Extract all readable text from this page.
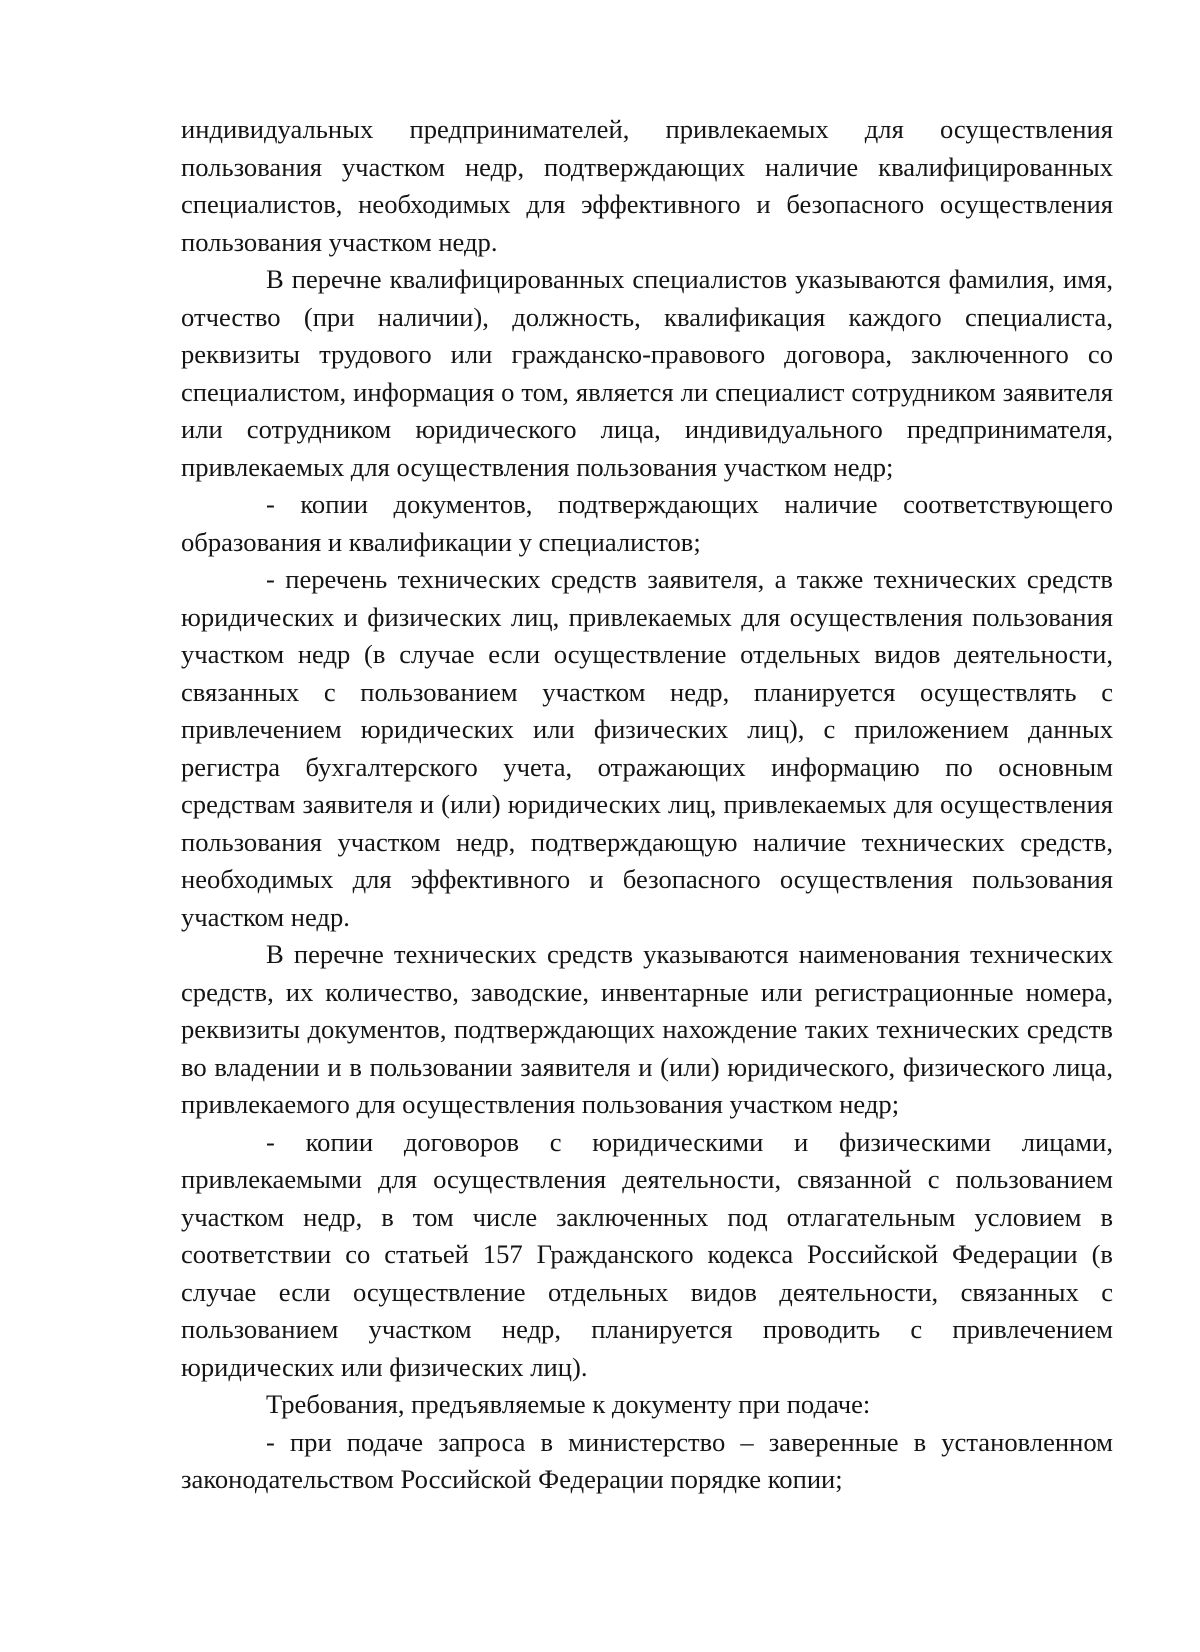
индивидуальных предпринимателей, привлекаемых для осуществления пользования участком недр, подтверждающих наличие квалифицированных специалистов, необходимых для эффективного и безопасного осуществления пользования участком недр.

В перечне квалифицированных специалистов указываются фамилия, имя, отчество (при наличии), должность, квалификация каждого специалиста, реквизиты трудового или гражданско-правового договора, заключенного со специалистом, информация о том, является ли специалист сотрудником заявителя или сотрудником юридического лица, индивидуального предпринимателя, привлекаемых для осуществления пользования участком недр;

- копии документов, подтверждающих наличие соответствующего образования и квалификации у специалистов;

- перечень технических средств заявителя, а также технических средств юридических и физических лиц, привлекаемых для осуществления пользования участком недр (в случае если осуществление отдельных видов деятельности, связанных с пользованием участком недр, планируется осуществлять с привлечением юридических или физических лиц), с приложением данных регистра бухгалтерского учета, отражающих информацию по основным средствам заявителя и (или) юридических лиц, привлекаемых для осуществления пользования участком недр, подтверждающую наличие технических средств, необходимых для эффективного и безопасного осуществления пользования участком недр.

В перечне технических средств указываются наименования технических средств, их количество, заводские, инвентарные или регистрационные номера, реквизиты документов, подтверждающих нахождение таких технических средств во владении и в пользовании заявителя и (или) юридического, физического лица, привлекаемого для осуществления пользования участком недр;

- копии договоров с юридическими и физическими лицами, привлекаемыми для осуществления деятельности, связанной с пользованием участком недр, в том числе заключенных под отлагательным условием в соответствии со статьей 157 Гражданского кодекса Российской Федерации (в случае если осуществление отдельных видов деятельности, связанных с пользованием участком недр, планируется проводить с привлечением юридических или физических лиц).

Требования, предъявляемые к документу при подаче:

- при подаче запроса в министерство – заверенные в установленном законодательством Российской Федерации порядке копии;
